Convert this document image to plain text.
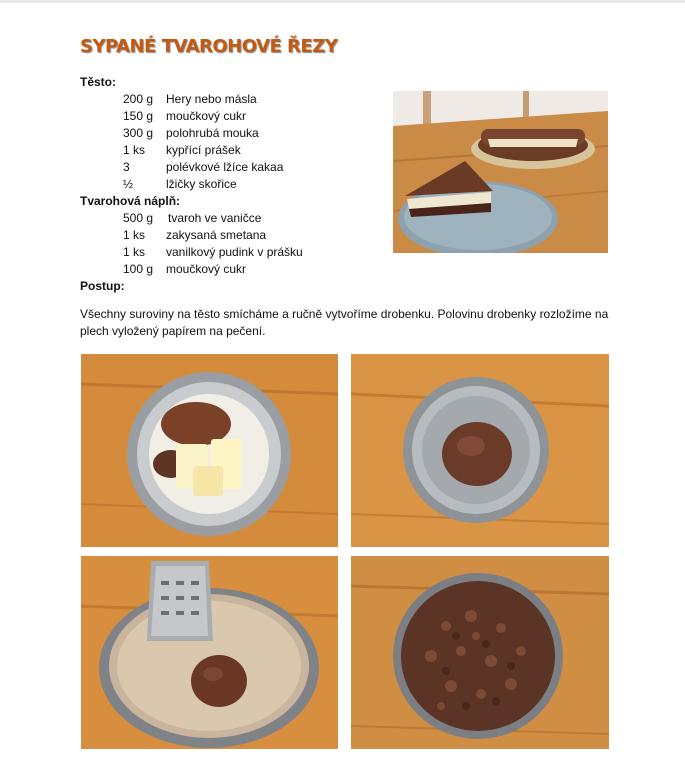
SYPANÉ TVAROHOVÉ ŘEZY
Těsto:
200 g Hery nebo másla
150 g moučkový cukr
300 g polohrubá mouka
1 ks kypřící prášek
3	polévkové lžíce kakaa
½	lžičky skořice
Tvarohová náplň:
500 g tvaroh ve vaničce
1 ks zakysaná smetana
1 ks vanilkový pudink v prášku
100 g moučkový cukr
Postup:
Všechny suroviny na těsto smícháme a ručně vytvoříme drobenku. Polovinu drobenky rozložíme na plech vyložený papírem na pečení.
